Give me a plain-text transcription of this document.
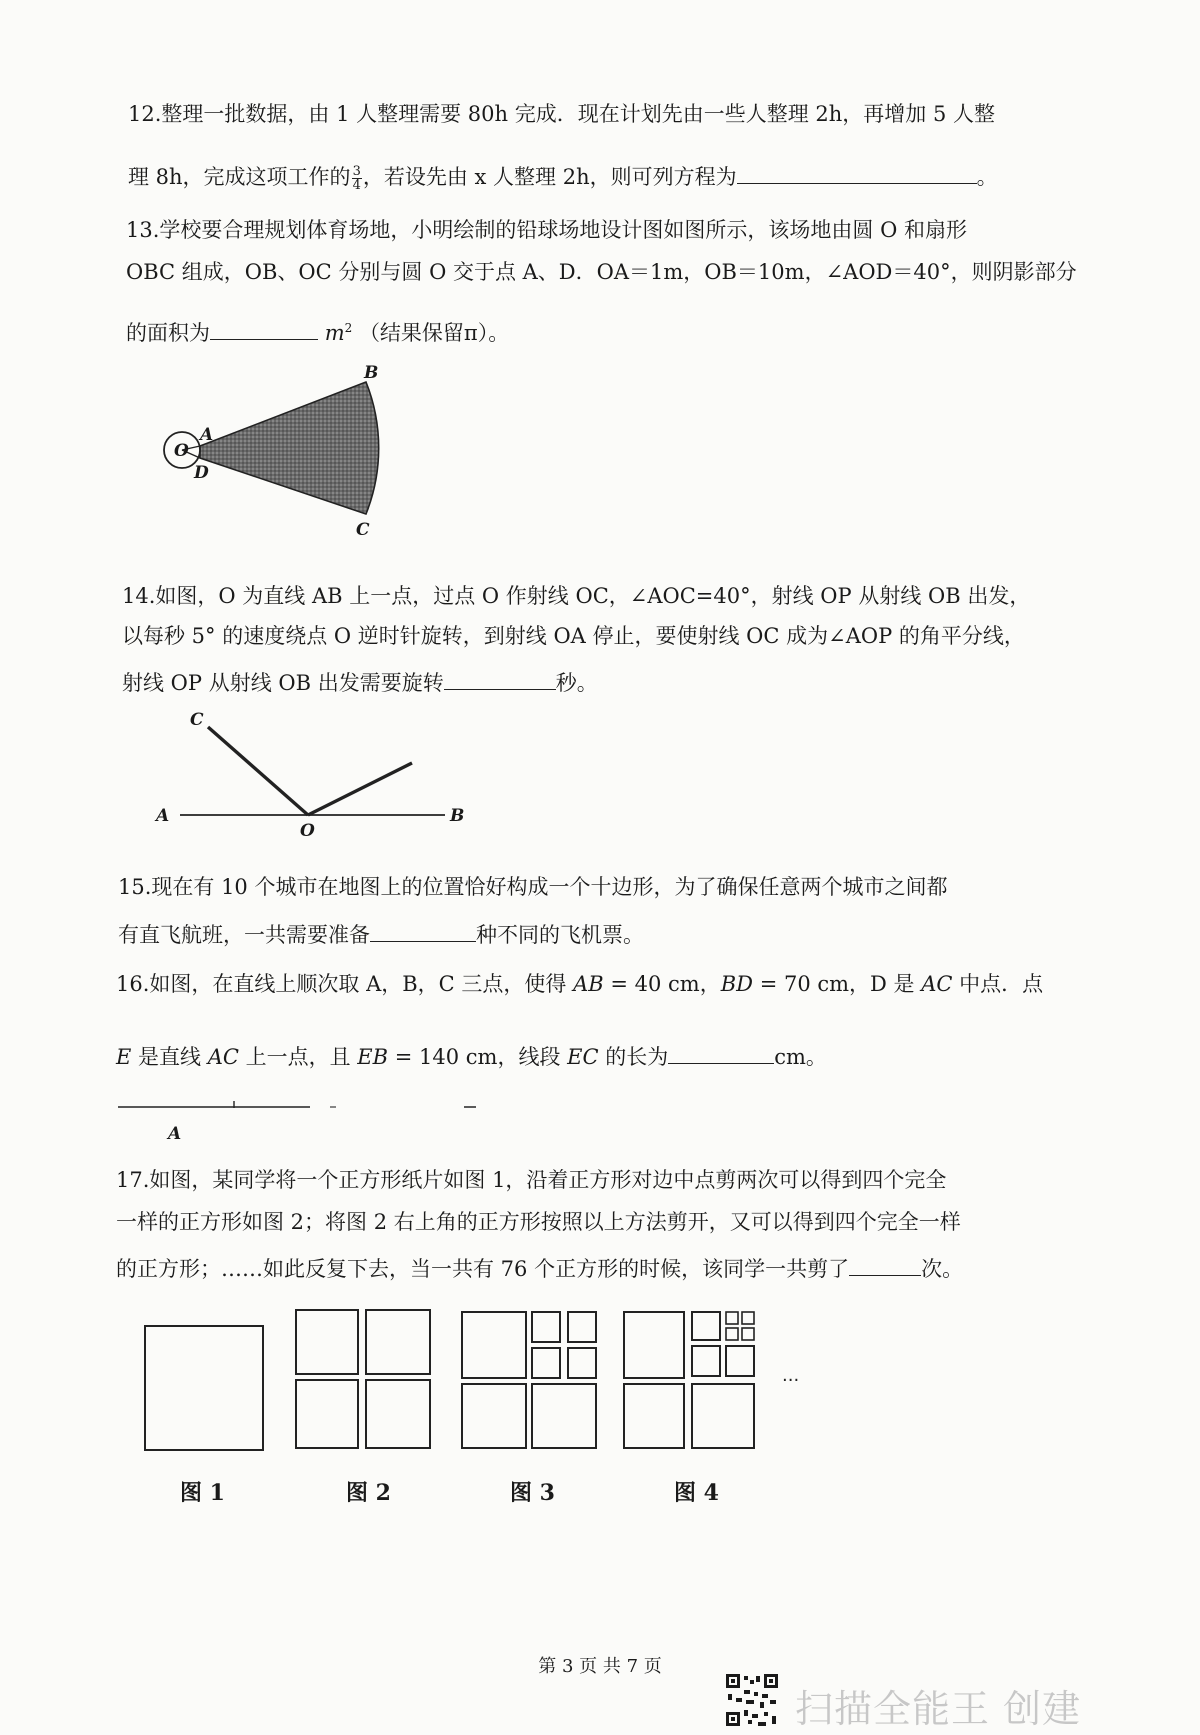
12.整理一批数据，由 1 人整理需要 80h 完成．现在计划先由一些人整理 2h，再增加 5 人整
理 8h，完成这项工作的 $\frac{3}{4}$ ，若设先由 x 人整理 2h，则可列方程为	。
13.学校要合理规划体育场地，小明绘制的铅球场地设计图如图所示，该场地由圆 O 和扇形
OBC 组成，OB、OC 分别与圆 O 交于点 A、D．OA＝1m，OB＝10m，∠AOD＝40°，则阴影部分
的面积为	$m^2$ （结果保留π）。
O
A
D
B
C
14.如图，O 为直线 AB 上一点，过点 O 作射线 OC，∠AOC=40°，射线 OP 从射线 OB 出发，
以每秒 5° 的速度绕点 O 逆时针旋转，到射线 OA 停止，要使射线 OC 成为∠AOP 的角平分线，
射线 OP 从射线 OB 出发需要旋转	秒。
C
A
O
B
15.现在有 10 个城市在地图上的位置恰好构成一个十边形，为了确保任意两个城市之间都
有直飞航班，一共需要准备	种不同的飞机票。
16.如图，在直线上顺次取 A，B，C 三点，使得 AB = 40 cm，BD = 70 cm，D 是 AC 中点．点
E 是直线 AC 上一点，且 EB = 140 cm，线段 EC 的长为	cm。
A
17.如图，某同学将一个正方形纸片如图 1，沿着正方形对边中点剪两次可以得到四个完全
一样的正方形如图 2；将图 2 右上角的正方形按照以上方法剪开，又可以得到四个完全一样
的正方形；……如此反复下去，当一共有 76 个正方形的时候，该同学一共剪了	次。
···
图 1	图 2	图 3	图 4
第 3 页 共 7 页
扫描全能王 创建
